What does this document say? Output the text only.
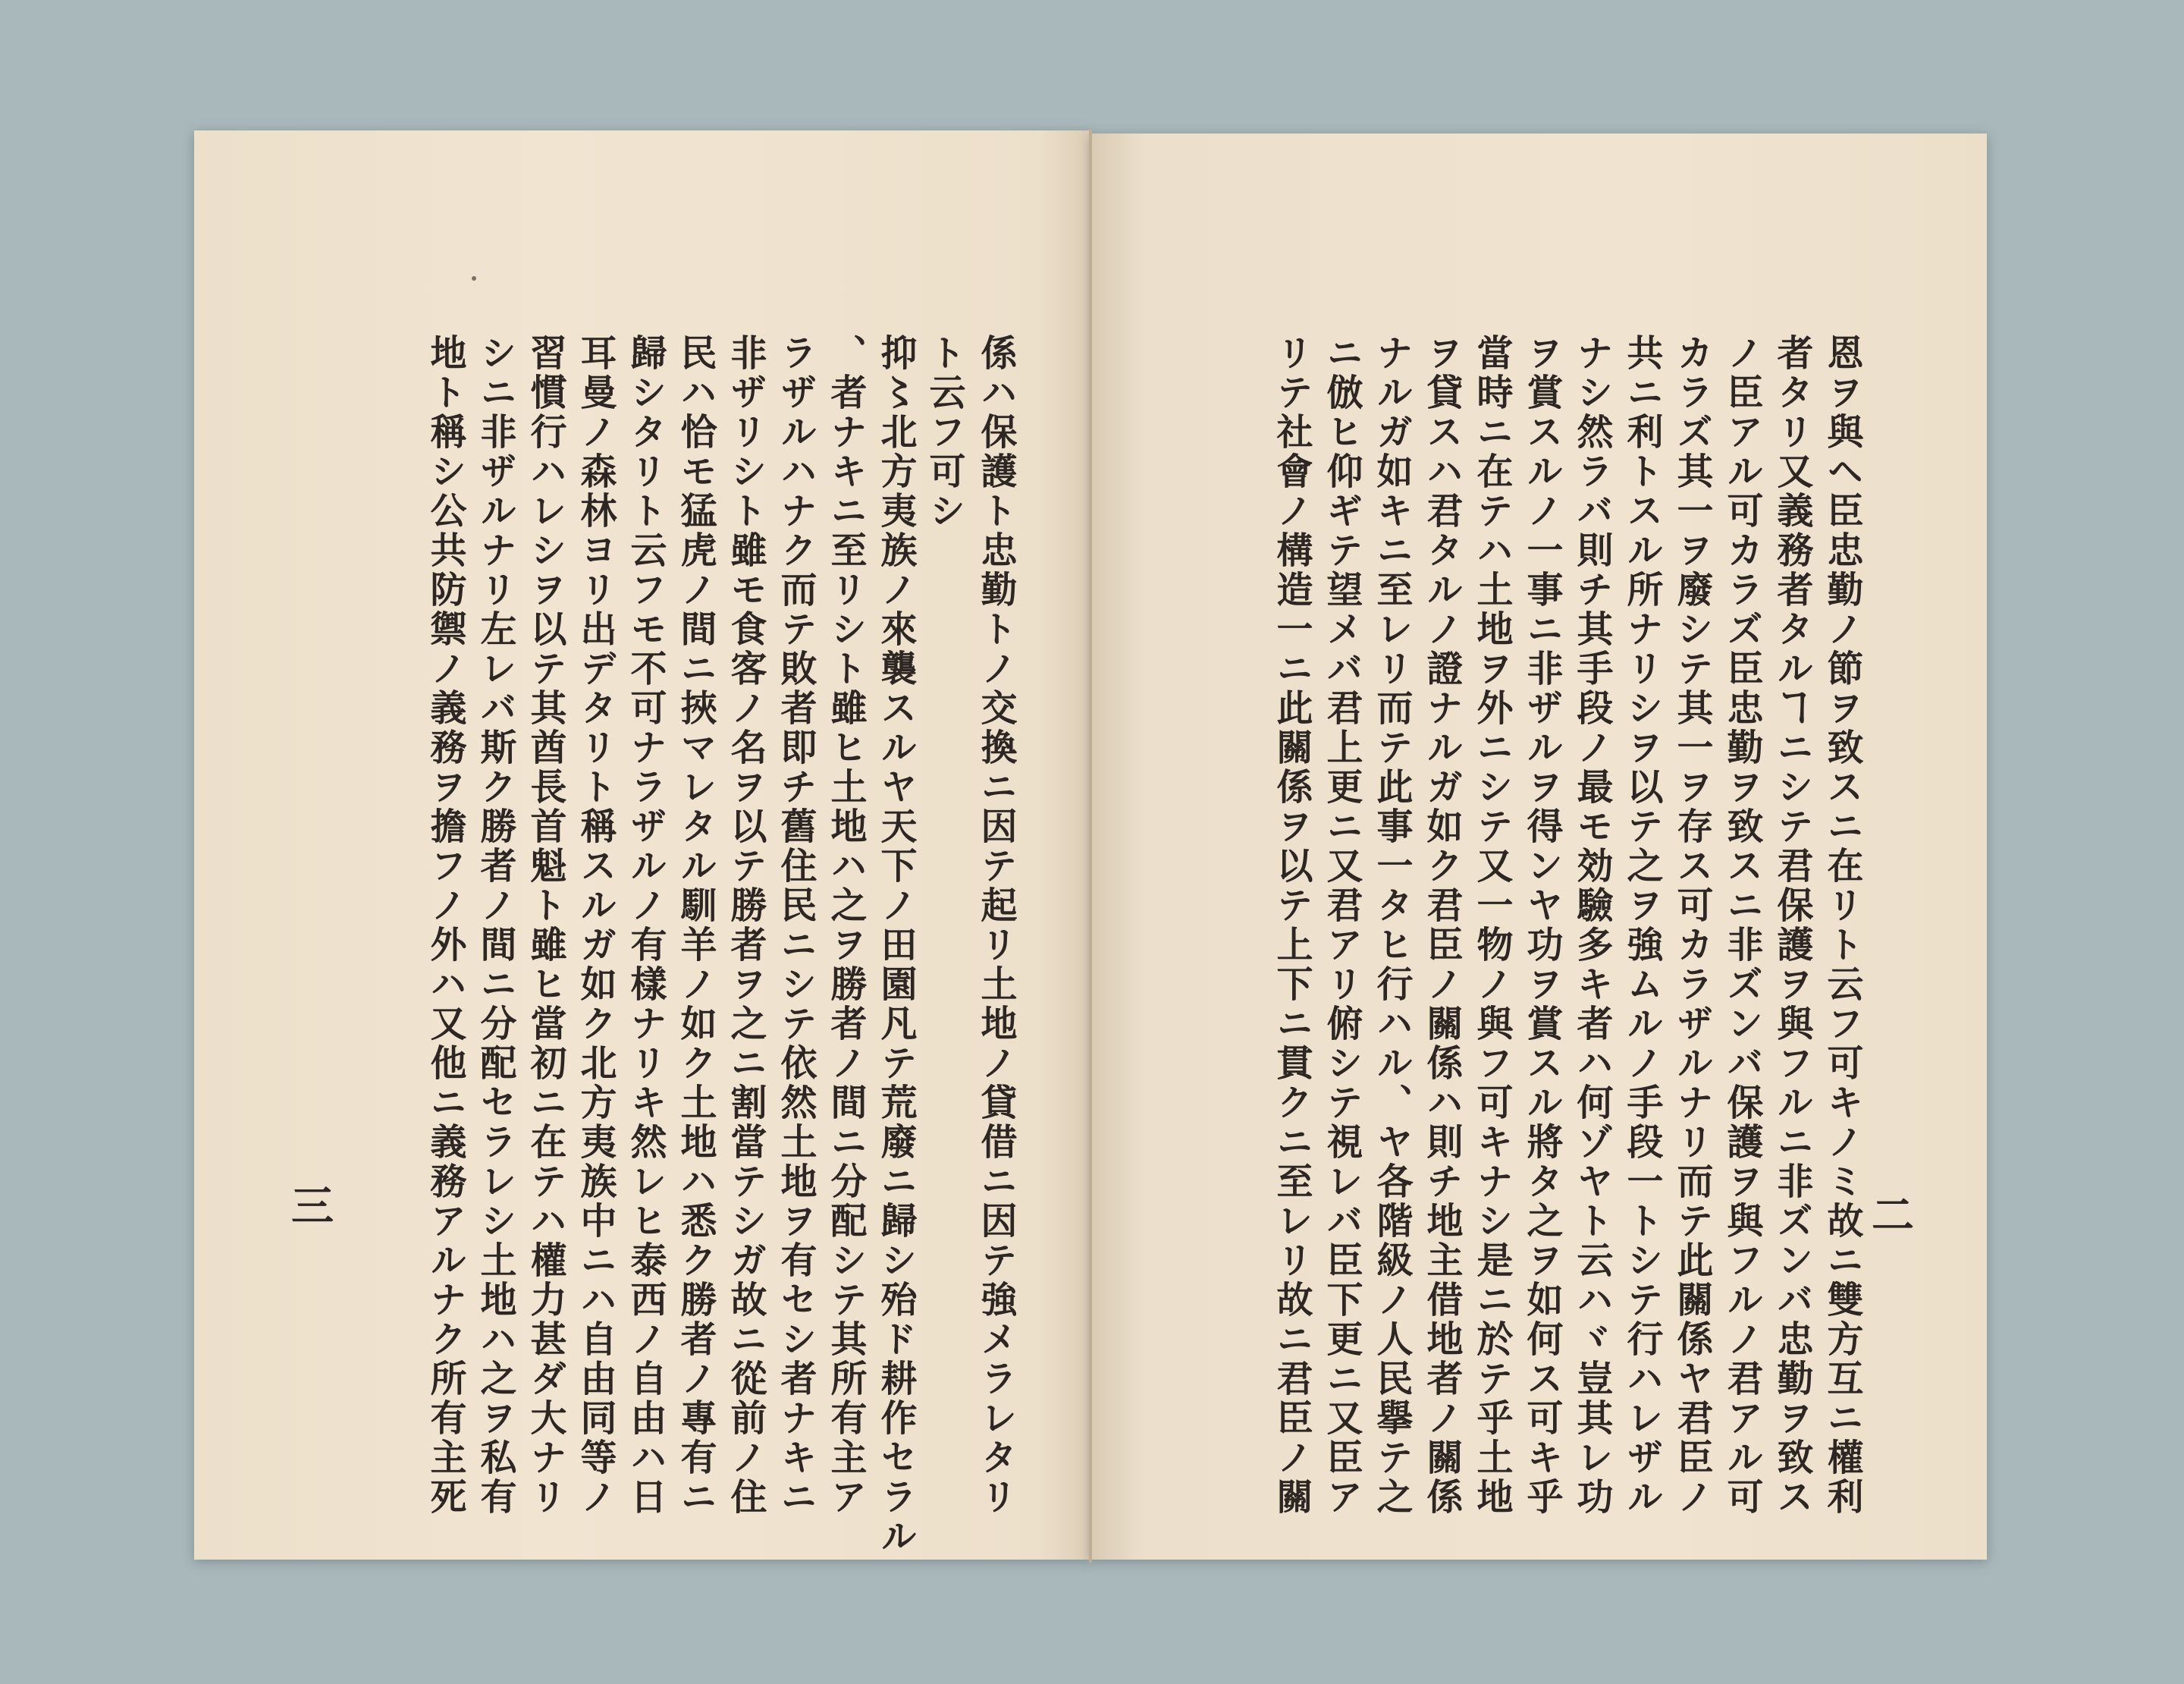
恩ヲ與ヘ臣忠勤ノ節ヲ致スニ在リト云フ可キノミ故ニ雙方互ニ權利
者タリ又義務者タルヿニシテ君保護ヲ與フルニ非ズンバ忠勤ヲ致ス
ノ臣アル可カラズ臣忠勤ヲ致スニ非ズンバ保護ヲ與フルノ君アル可
カラズ其一ヲ廢シテ其一ヲ存ス可カラザルナリ而テ此關係ヤ君臣ノ
共ニ利トスル所ナリシヲ以テ之ヲ強ムルノ手段一トシテ行ハレザル
ナシ然ラバ則チ其手段ノ最モ効驗多キ者ハ何ゾヤト云ハヾ豈其レ功
ヲ賞スルノ一事ニ非ザルヲ得ンヤ功ヲ賞スル將タ之ヲ如何ス可キ乎
當時ニ在テハ土地ヲ外ニシテ又一物ノ與フ可キナシ是ニ於テ乎土地
ヲ貸スハ君タルノ證ナルガ如ク君臣ノ關係ハ則チ地主借地者ノ關係
ナルガ如キニ至レリ而テ此事一タヒ行ハル、ヤ各階級ノ人民擧テ之
ニ倣ヒ仰ギテ望メバ君上更ニ又君アリ俯シテ視レバ臣下更ニ又臣ア
リテ社會ノ構造一ニ此關係ヲ以テ上下ニ貫クニ至レリ故ニ君臣ノ關	二
係ハ保護ト忠勤トノ交換ニ因テ起リ土地ノ貸借ニ因テ強メラレタリ
ト云フ可シ
抑〻北方夷族ノ來襲スルヤ天下ノ田園凡テ荒廢ニ歸シ殆ド耕作セラル
、者ナキニ至リシト雖ヒ土地ハ之ヲ勝者ノ間ニ分配シテ其所有主ア
ラザルハナク而テ敗者即チ舊住民ニシテ依然土地ヲ有セシ者ナキニ
非ザリシト雖モ食客ノ名ヲ以テ勝者ヲ之ニ割當テシガ故ニ從前ノ住
民ハ恰モ猛虎ノ間ニ挾マレタル馴羊ノ如ク土地ハ悉ク勝者ノ專有ニ
歸シタリト云フモ不可ナラザルノ有樣ナリキ然レヒ泰西ノ自由ハ日
耳曼ノ森林ヨリ出デタリト稱スルガ如ク北方夷族中ニハ自由同等ノ
習慣行ハレシヲ以テ其酋長首魁ト雖ヒ當初ニ在テハ權力甚ダ大ナリ
シニ非ザルナリ左レバ斯ク勝者ノ間ニ分配セラレシ土地ハ之ヲ私有
地ト稱シ公共防禦ノ義務ヲ擔フノ外ハ又他ニ義務アルナク所有主死
三
